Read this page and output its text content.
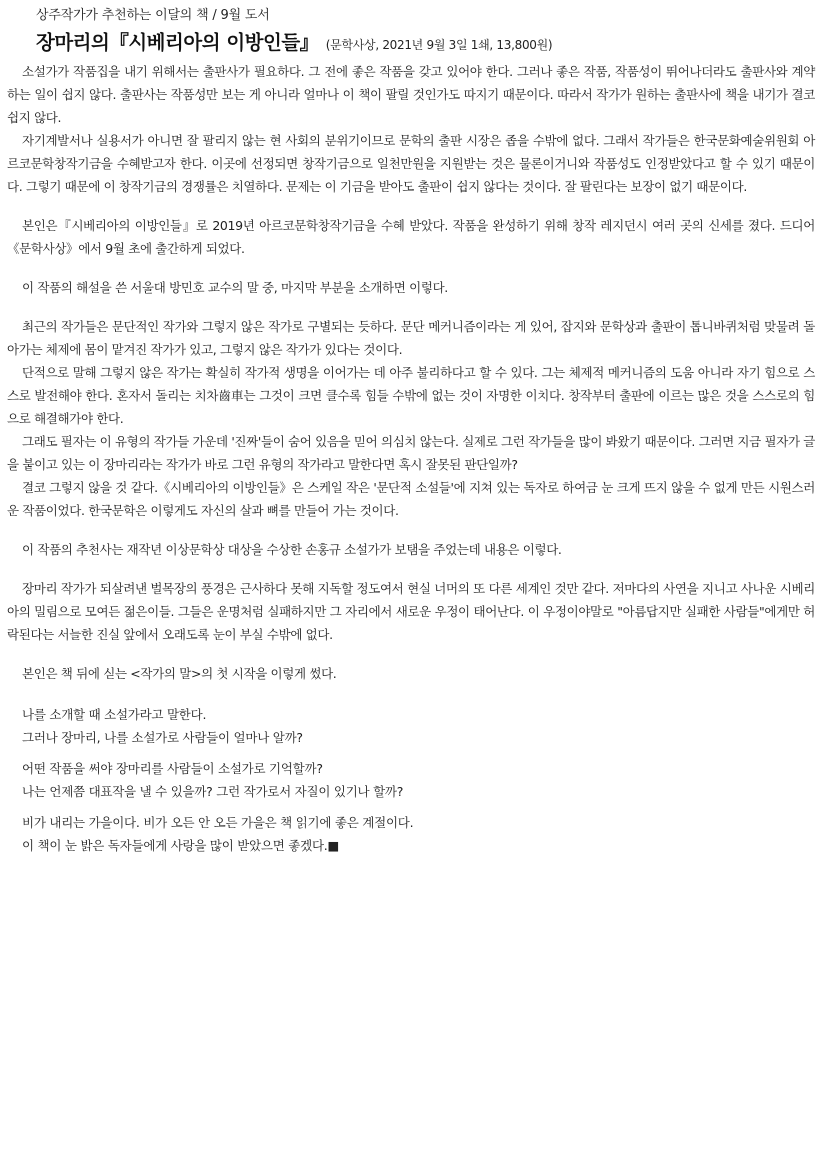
상주작가가 추천하는 이달의 책 / 9월 도서
장마리의『시베리아의 이방인들』 (문학사상, 2021년 9월 3일 1쇄, 13,800원)

소설가가 작품집을 내기 위해서는 출판사가 필요하다. 그 전에 좋은 작품을 갖고 있어야 한다. 그러나 좋은 작품, 작품성이 뛰어나더라도 출판사와 계약하는 일이 쉽지 않다. 출판사는 작품성만 보는 게 아니라 얼마나 이 책이 팔릴 것인가도 따지기 때문이다. 따라서 작가가 원하는 출판사에 책을 내기가 결코 쉽지 않다.

자기계발서나 실용서가 아니면 잘 팔리지 않는 현 사회의 분위기이므로 문학의 출판 시장은 좁을 수밖에 없다. 그래서 작가들은 한국문화예술위원회 아르코문학창작기금을 수혜받고자 한다. 이곳에 선정되면 창작기금으로 일천만원을 지원받는 것은 물론이거니와 작품성도 인정받았다고 할 수 있기 때문이다. 그렇기 때문에 이 창작기금의 경쟁률은 치열하다. 문제는 이 기금을 받아도 출판이 쉽지 않다는 것이다. 잘 팔린다는 보장이 없기 때문이다.

본인은『시베리아의 이방인들』로 2019년 아르코문학창작기금을 수혜 받았다. 작품을 완성하기 위해 창작 레지던시 여러 곳의 신세를 졌다. 드디어《문학사상》에서 9월 초에 출간하게 되었다.

이 작품의 해설을 쓴 서울대 방민호 교수의 말 중, 마지막 부분을 소개하면 이렇다.

최근의 작가들은 문단적인 작가와 그렇지 않은 작가로 구별되는 듯하다. 문단 메커니즘이라는 게 있어, 잡지와 문학상과 출판이 톱니바퀴처럼 맞물려 돌아가는 체제에 몸이 맡겨진 작가가 있고, 그렇지 않은 작가가 있다는 것이다.

단적으로 말해 그렇지 않은 작가는 확실히 작가적 생명을 이어가는 데 아주 불리하다고 할 수 있다. 그는 체제적 메커니즘의 도움 아니라 자기 힘으로 스스로 발전해야 한다. 혼자서 돌리는 치차齒車는 그것이 크면 클수록 힘들 수밖에 없는 것이 자명한 이치다. 창작부터 출판에 이르는 많은 것을 스스로의 힘으로 해결해가야 한다.

그래도 필자는 이 유형의 작가들 가운데 '진짜'들이 숨어 있음을 믿어 의심치 않는다. 실제로 그런 작가들을 많이 봐왔기 때문이다. 그러면 지금 필자가 글을 붙이고 있는 이 장마리라는 작가가 바로 그런 유형의 작가라고 말한다면 혹시 잘못된 판단일까?

결코 그렇지 않을 것 같다.《시베리아의 이방인들》은 스케일 작은 '문단적 소설들'에 지쳐 있는 독자로 하여금 눈 크게 뜨지 않을 수 없게 만든 시원스러운 작품이었다. 한국문학은 이렇게도 자신의 살과 뼈를 만들어 가는 것이다.

이 작품의 추천사는 재작년 이상문학상 대상을 수상한 손홍규 소설가가 보탬을 주었는데 내용은 이렇다.

장마리 작가가 되살려낸 벌목장의 풍경은 근사하다 못해 지독할 정도여서 현실 너머의 또 다른 세계인 것만 같다. 저마다의 사연을 지니고 사나운 시베리아의 밀림으로 모여든 젊은이들. 그들은 운명처럼 실패하지만 그 자리에서 새로운 우정이 태어난다. 이 우정이야말로 "아름답지만 실패한 사람들"에게만 허락된다는 서늘한 진실 앞에서 오래도록 눈이 부실 수밖에 없다.

본인은 책 뒤에 싣는 <작가의 말>의 첫 시작을 이렇게 썼다.

나를 소개할 때 소설가라고 말한다.
그러나 장마리, 나를 소설가로 사람들이 얼마나 알까?
어떤 작품을 써야 장마리를 사람들이 소설가로 기억할까?
나는 언제쯤 대표작을 낼 수 있을까? 그런 작가로서 자질이 있기나 할까?
비가 내리는 가을이다. 비가 오든 안 오든 가을은 책 읽기에 좋은 계절이다.
이 책이 눈 밝은 독자들에게 사랑을 많이 받았으면 좋겠다.■
